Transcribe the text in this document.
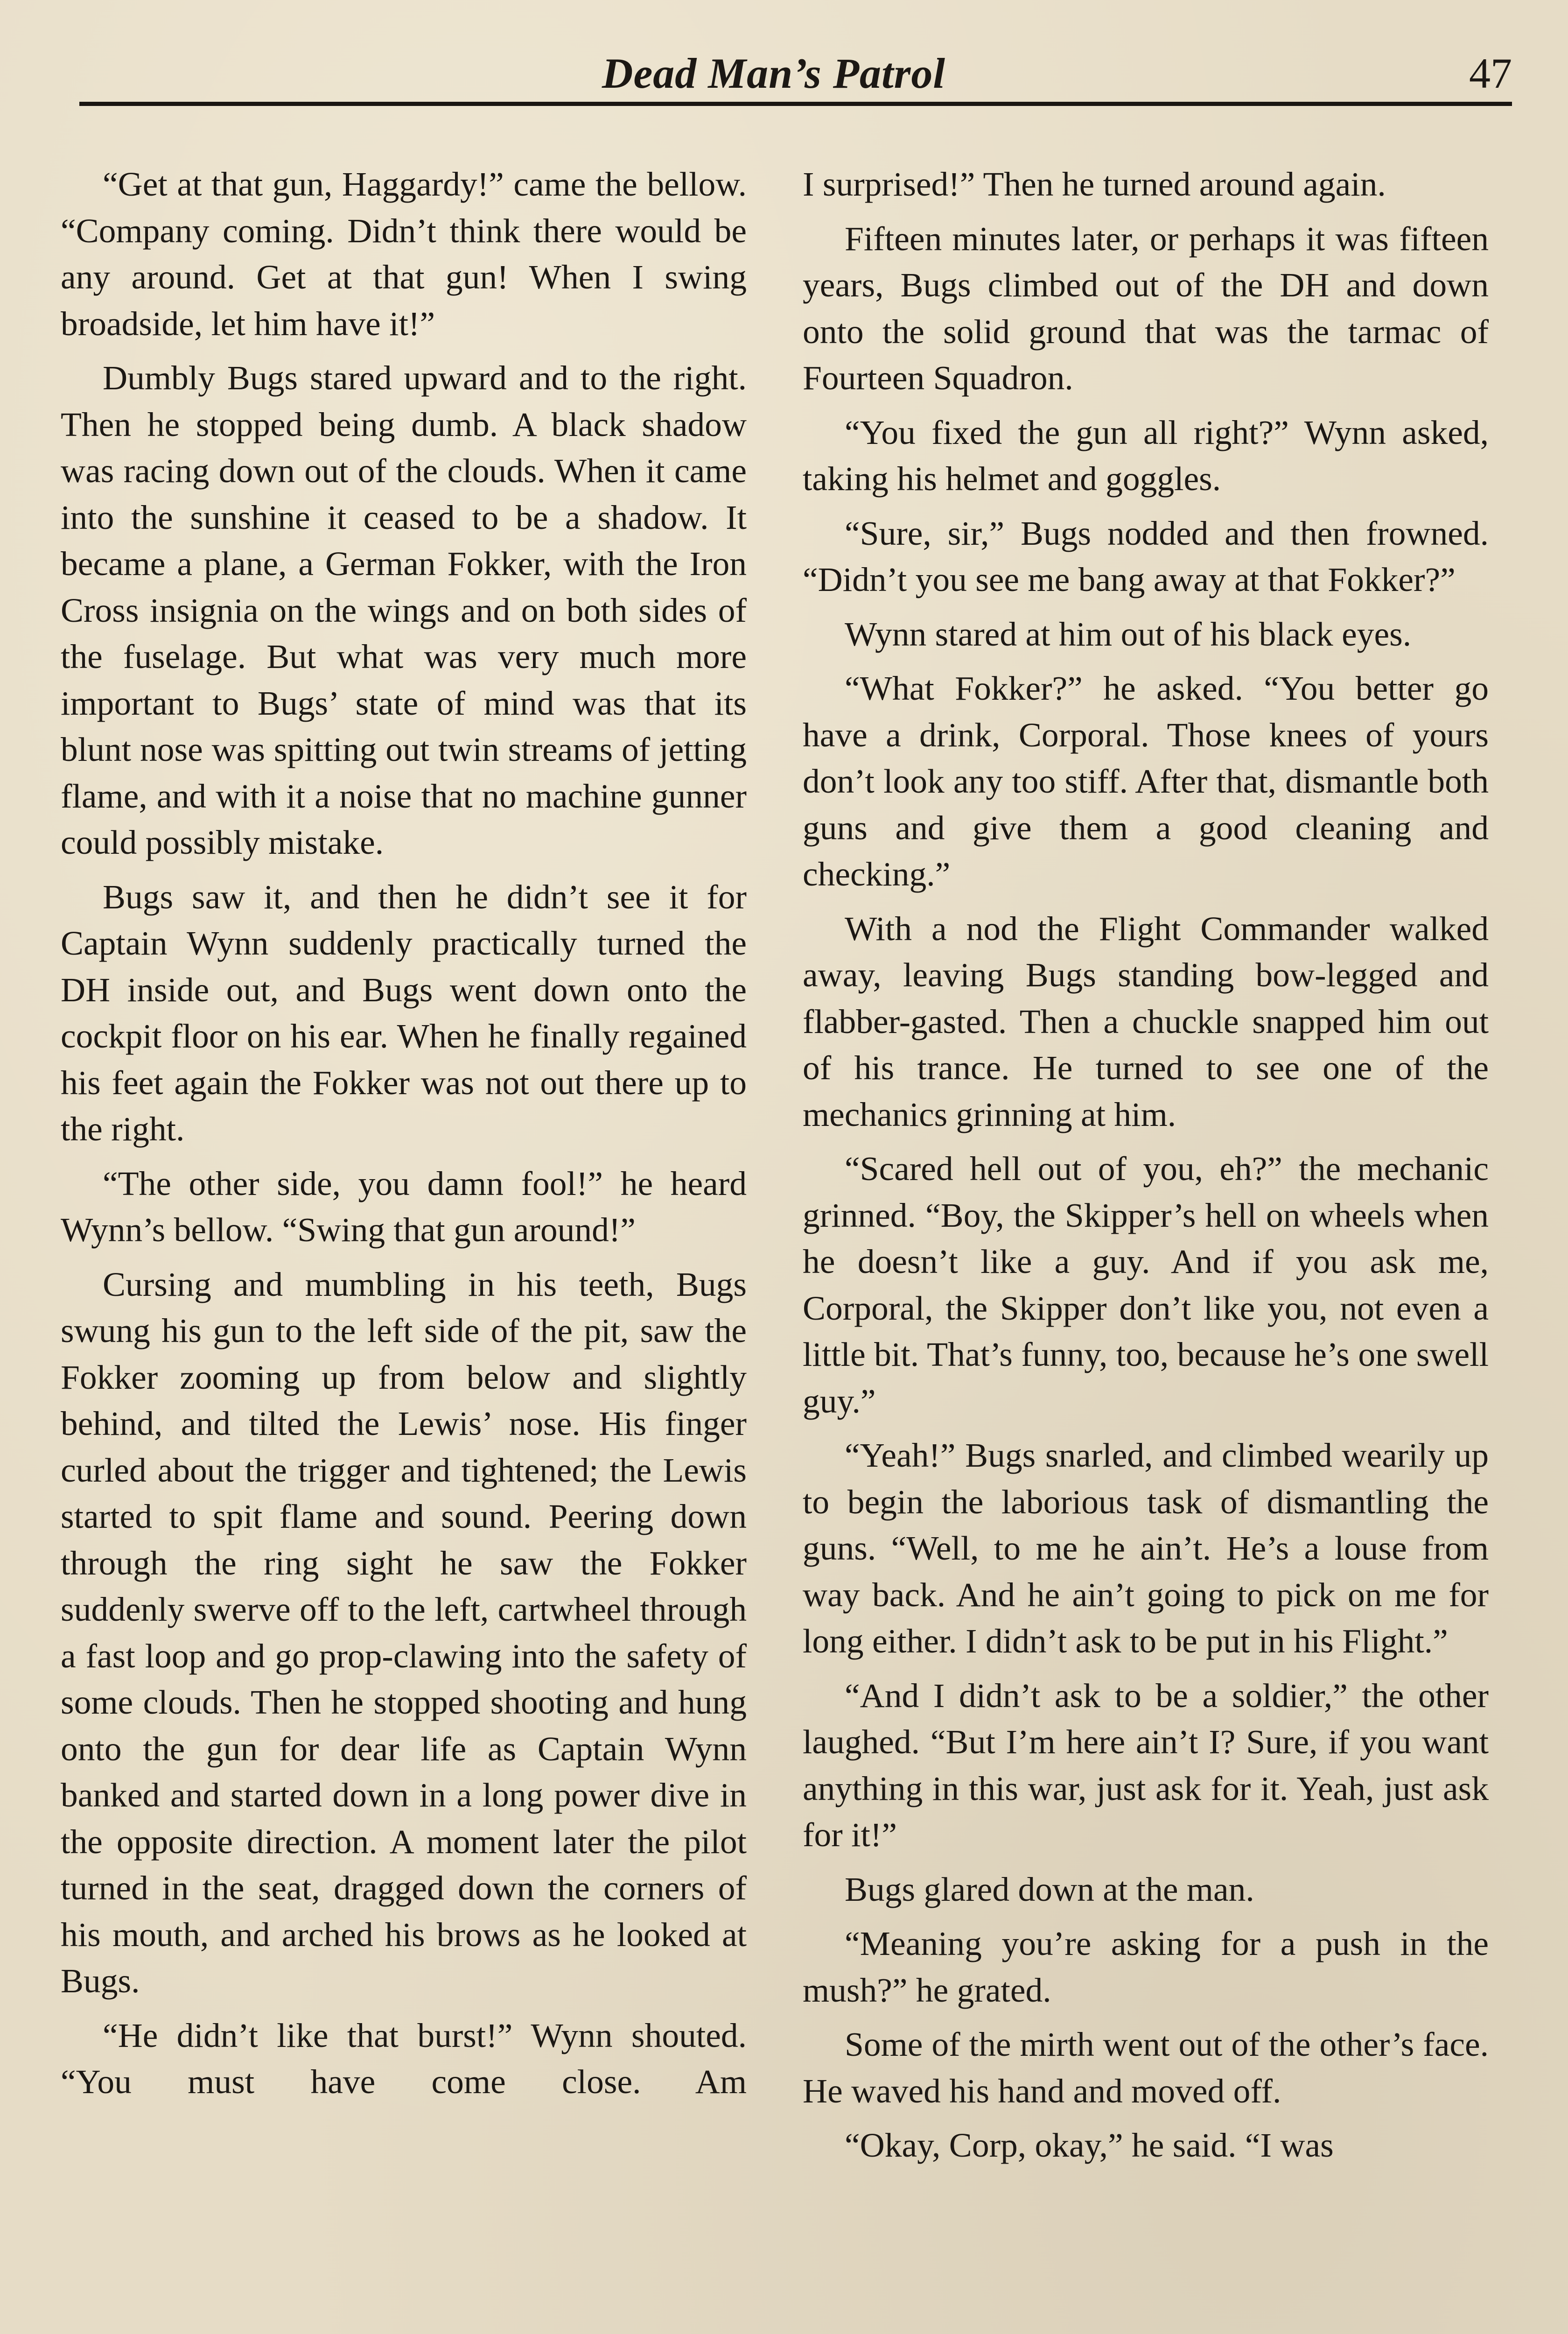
Dead Man’s Patrol	47

“Get at that gun, Haggardy!” came the bellow. “Company coming. Didn’t think there would be any around. Get at that gun! When I swing broadside, let him have it!”

Dumbly Bugs stared upward and to the right. Then he stopped being dumb. A black shadow was racing down out of the clouds. When it came into the sunshine it ceased to be a shadow. It became a plane, a German Fokker, with the Iron Cross insignia on the wings and on both sides of the fuselage. But what was very much more important to Bugs’ state of mind was that its blunt nose was spitting out twin streams of jetting flame, and with it a noise that no machine gunner could possibly mistake.

Bugs saw it, and then he didn’t see it for Captain Wynn suddenly practically turned the DH inside out, and Bugs went down onto the cockpit floor on his ear. When he finally regained his feet again the Fokker was not out there up to the right.

“The other side, you damn fool!” he heard Wynn’s bellow. “Swing that gun around!”

Cursing and mumbling in his teeth, Bugs swung his gun to the left side of the pit, saw the Fokker zooming up from below and slightly behind, and tilted the Lewis’ nose. His finger curled about the trigger and tightened; the Lewis started to spit flame and sound. Peering down through the ring sight he saw the Fokker suddenly swerve off to the left, cartwheel through a fast loop and go prop-clawing into the safety of some clouds. Then he stopped shooting and hung onto the gun for dear life as Captain Wynn banked and started down in a long power dive in the opposite direction. A moment later the pilot turned in the seat, dragged down the corners of his mouth, and arched his brows as he looked at Bugs.

“He didn’t like that burst!” Wynn shouted. “You must have come close. Am

I surprised!” Then he turned around again.

Fifteen minutes later, or perhaps it was fifteen years, Bugs climbed out of the DH and down onto the solid ground that was the tarmac of Fourteen Squadron.

“You fixed the gun all right?” Wynn asked, taking his helmet and goggles.

“Sure, sir,” Bugs nodded and then frowned. “Didn’t you see me bang away at that Fokker?”

Wynn stared at him out of his black eyes.

“What Fokker?” he asked. “You better go have a drink, Corporal. Those knees of yours don’t look any too stiff. After that, dismantle both guns and give them a good cleaning and checking.”

With a nod the Flight Commander walked away, leaving Bugs standing bow-legged and flabber-gasted. Then a chuckle snapped him out of his trance. He turned to see one of the mechanics grinning at him.

“Scared hell out of you, eh?” the mechanic grinned. “Boy, the Skipper’s hell on wheels when he doesn’t like a guy. And if you ask me, Corporal, the Skipper don’t like you, not even a little bit. That’s funny, too, because he’s one swell guy.”

“Yeah!” Bugs snarled, and climbed wearily up to begin the laborious task of dismantling the guns. “Well, to me he ain’t. He’s a louse from way back. And he ain’t going to pick on me for long either. I didn’t ask to be put in his Flight.”

“And I didn’t ask to be a soldier,” the other laughed. “But I’m here ain’t I? Sure, if you want anything in this war, just ask for it. Yeah, just ask for it!”

Bugs glared down at the man.

“Meaning you’re asking for a push in the mush?” he grated.

Some of the mirth went out of the other’s face. He waved his hand and moved off.

“Okay, Corp, okay,” he said. “I was
